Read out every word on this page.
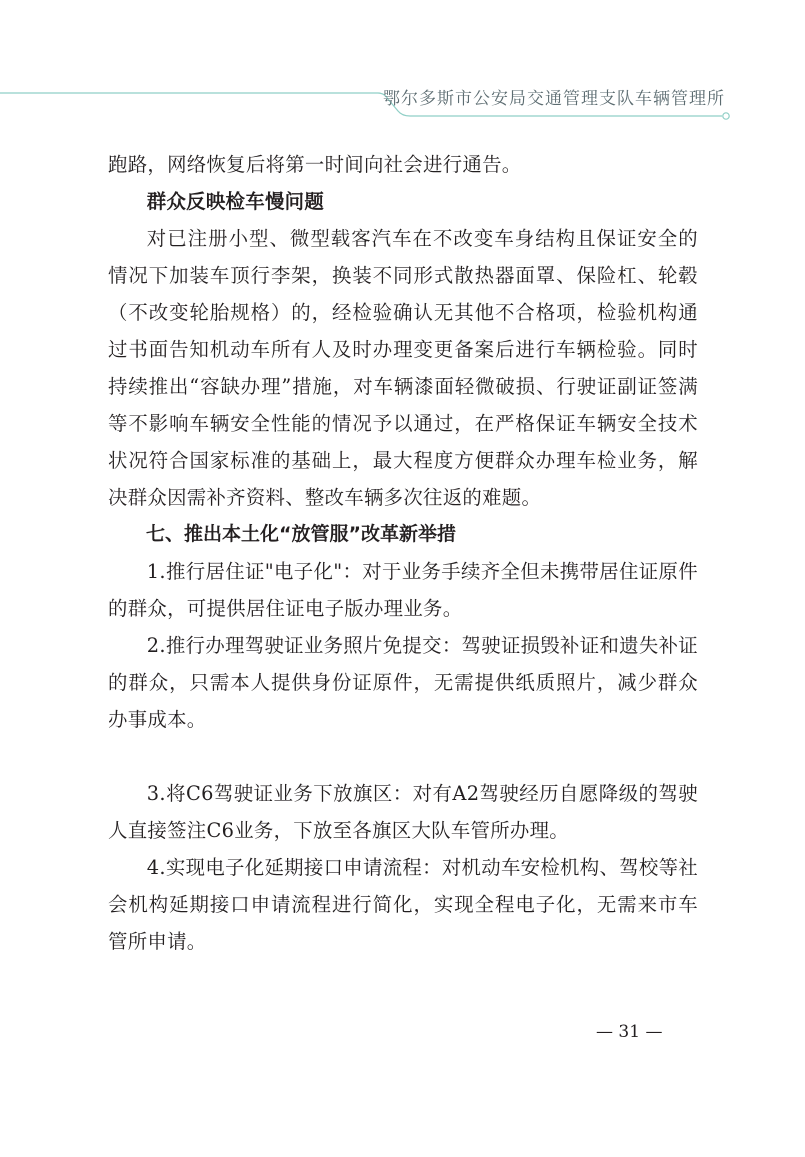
鄂尔多斯市公安局交通管理支队车辆管理所

跑路，网络恢复后将第一时间向社会进行通告。

群众反映检车慢问题

对已注册小型、微型载客汽车在不改变车身结构且保证安全的情况下加装车顶行李架，换装不同形式散热器面罩、保险杠、轮毂（不改变轮胎规格）的，经检验确认无其他不合格项，检验机构通过书面告知机动车所有人及时办理变更备案后进行车辆检验。同时持续推出“容缺办理”措施，对车辆漆面轻微破损、行驶证副证签满等不影响车辆安全性能的情况予以通过，在严格保证车辆安全技术状况符合国家标准的基础上，最大程度方便群众办理车检业务，解决群众因需补齐资料、整改车辆多次往返的难题。

七、推出本土化“放管服”改革新举措

1.推行居住证"电子化"：对于业务手续齐全但未携带居住证原件的群众，可提供居住证电子版办理业务。

2.推行办理驾驶证业务照片免提交：驾驶证损毁补证和遗失补证的群众，只需本人提供身份证原件，无需提供纸质照片，减少群众办事成本。

3.将C6驾驶证业务下放旗区：对有A2驾驶经历自愿降级的驾驶人直接签注C6业务，下放至各旗区大队车管所办理。

4.实现电子化延期接口申请流程：对机动车安检机构、驾校等社会机构延期接口申请流程进行简化，实现全程电子化，无需来市车管所申请。

— 31 —
